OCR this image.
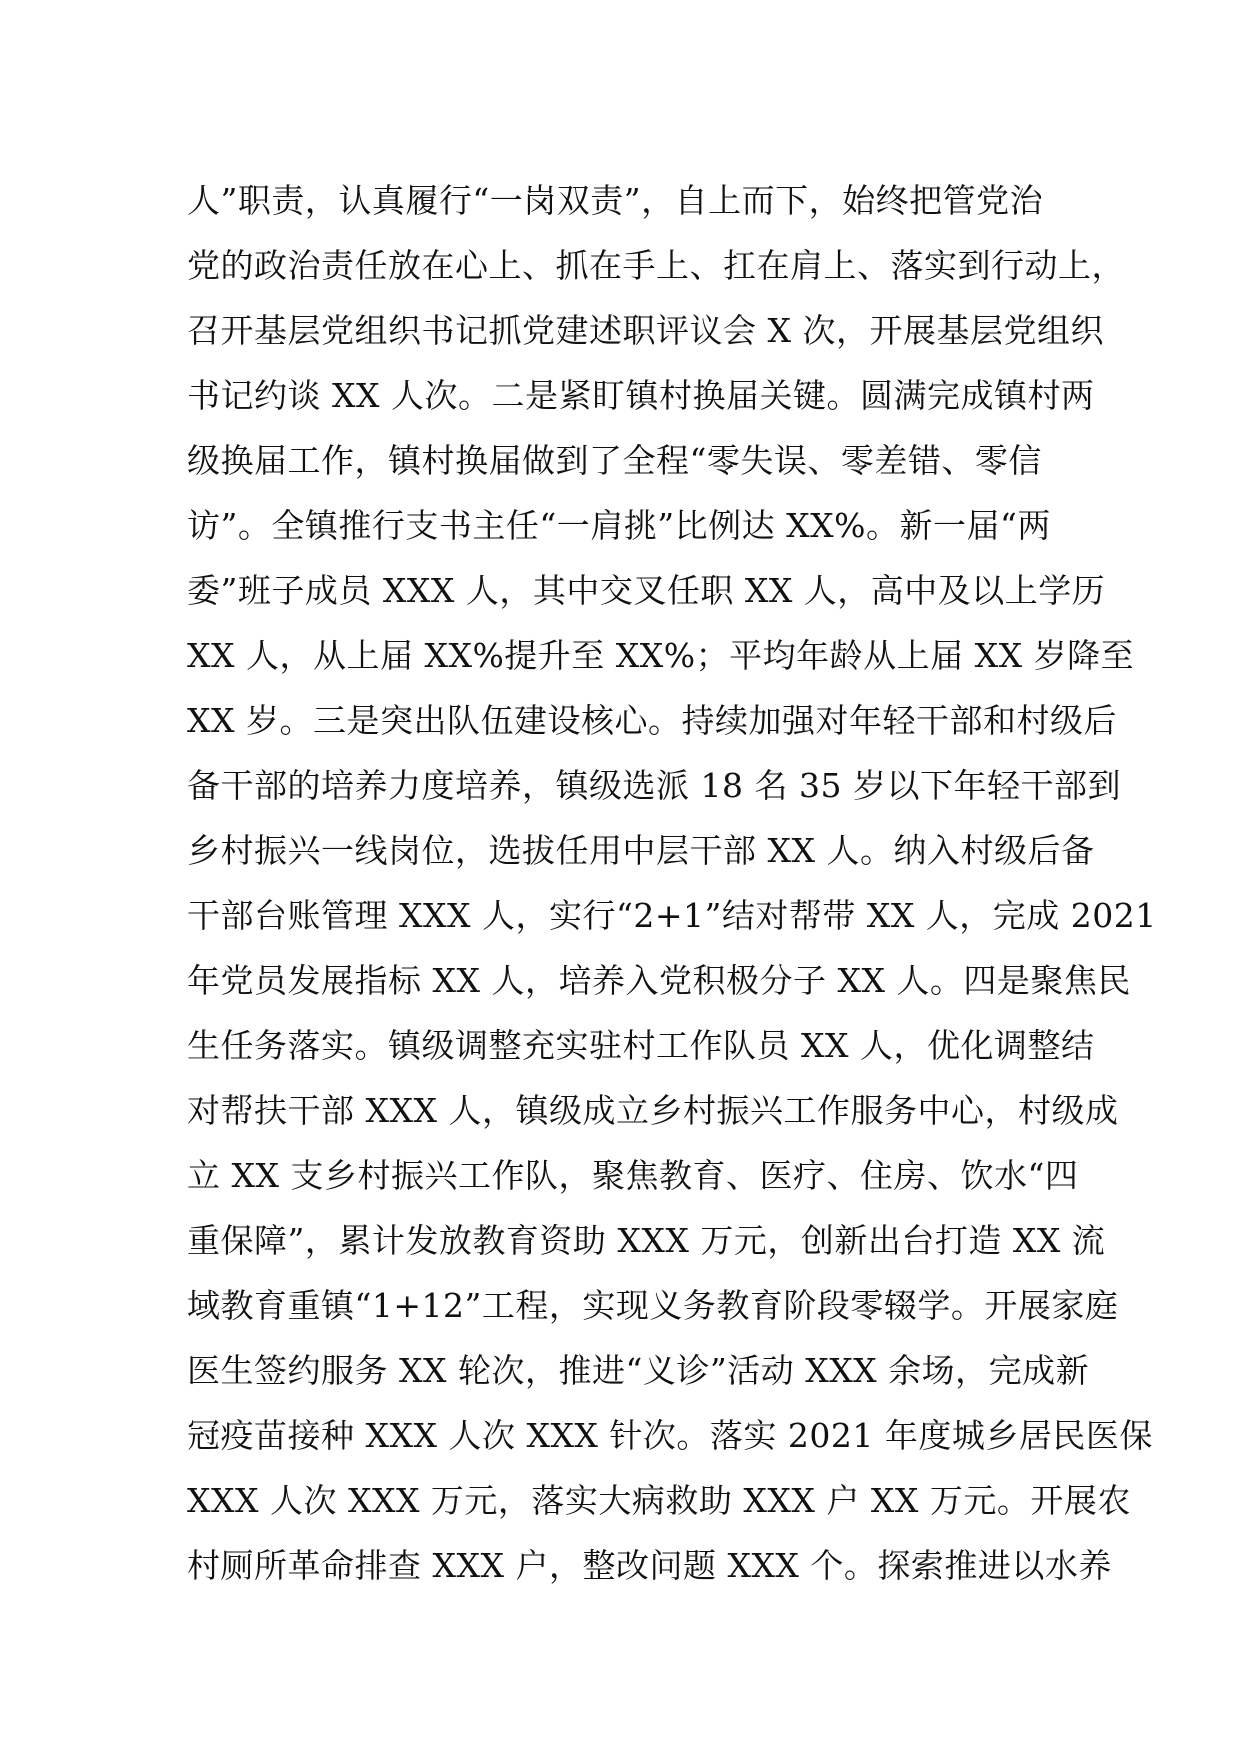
人”职责，认真履行“一岗双责”，自上而下，始终把管党治
党的政治责任放在心上、抓在手上、扛在肩上、落实到行动上，
召开基层党组织书记抓党建述职评议会 X 次，开展基层党组织
书记约谈 XX 人次。二是紧盯镇村换届关键。圆满完成镇村两
级换届工作，镇村换届做到了全程“零失误、零差错、零信
访”。全镇推行支书主任“一肩挑”比例达 XX%。新一届“两
委”班子成员 XXX 人，其中交叉任职 XX 人，高中及以上学历
XX 人，从上届 XX%提升至 XX%；平均年龄从上届 XX 岁降至
XX 岁。三是突出队伍建设核心。持续加强对年轻干部和村级后
备干部的培养力度培养，镇级选派 18 名 35 岁以下年轻干部到
乡村振兴一线岗位，选拔任用中层干部 XX 人。纳入村级后备
干部台账管理 XXX 人，实行“2+1”结对帮带 XX 人，完成 2021
年党员发展指标 XX 人，培养入党积极分子 XX 人。四是聚焦民
生任务落实。镇级调整充实驻村工作队员 XX 人，优化调整结
对帮扶干部 XXX 人，镇级成立乡村振兴工作服务中心，村级成
立 XX 支乡村振兴工作队，聚焦教育、医疗、住房、饮水“四
重保障”，累计发放教育资助 XXX 万元，创新出台打造 XX 流
域教育重镇“1+12”工程，实现义务教育阶段零辍学。开展家庭
医生签约服务 XX 轮次，推进“义诊”活动 XXX 余场，完成新
冠疫苗接种 XXX 人次 XXX 针次。落实 2021 年度城乡居民医保
XXX 人次 XXX 万元，落实大病救助 XXX 户 XX 万元。开展农
村厕所革命排查 XXX 户，整改问题 XXX 个。探索推进以水养
